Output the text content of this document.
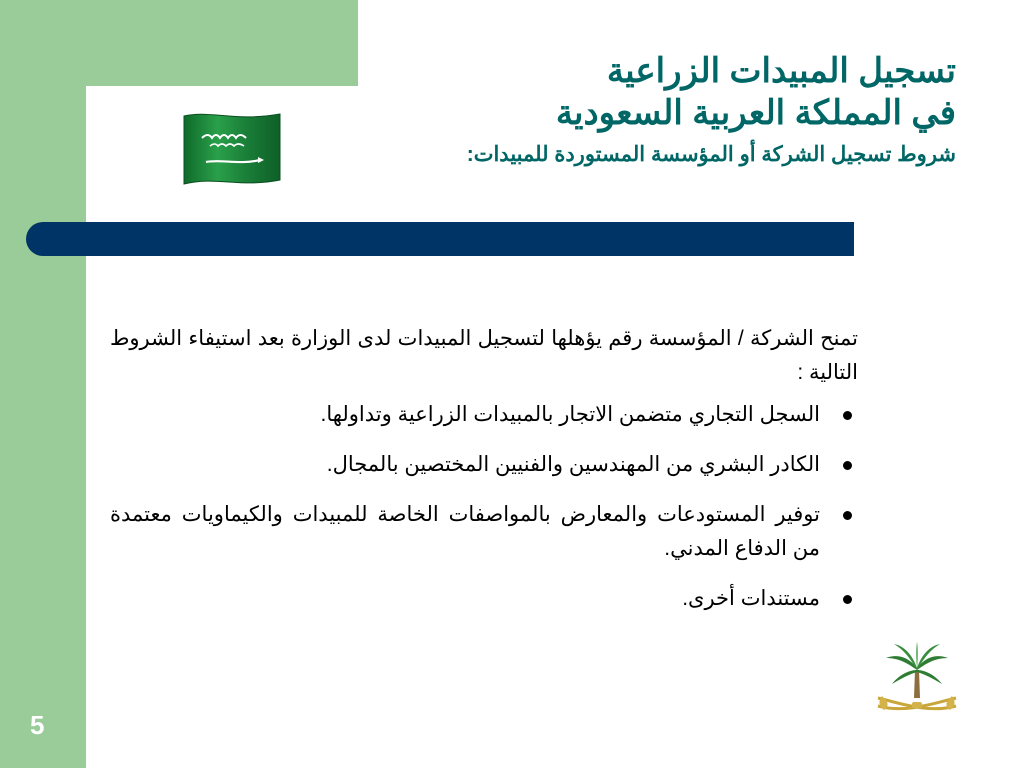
تسجيل المبيدات الزراعية
في المملكة العربية السعودية
شروط تسجيل الشركة أو المؤسسة المستوردة للمبيدات:

تمنح الشركة / المؤسسة رقم يؤهلها لتسجيل المبيدات لدى الوزارة بعد استيفاء الشروط التالية :

السجل التجاري متضمن الاتجار بالمبيدات الزراعية وتداولها.
الكادر البشري من المهندسين والفنيين المختصين بالمجال.
توفير المستودعات والمعارض بالمواصفات الخاصة للمبيدات والكيماويات معتمدة من الدفاع المدني.
مستندات أخرى.
5
